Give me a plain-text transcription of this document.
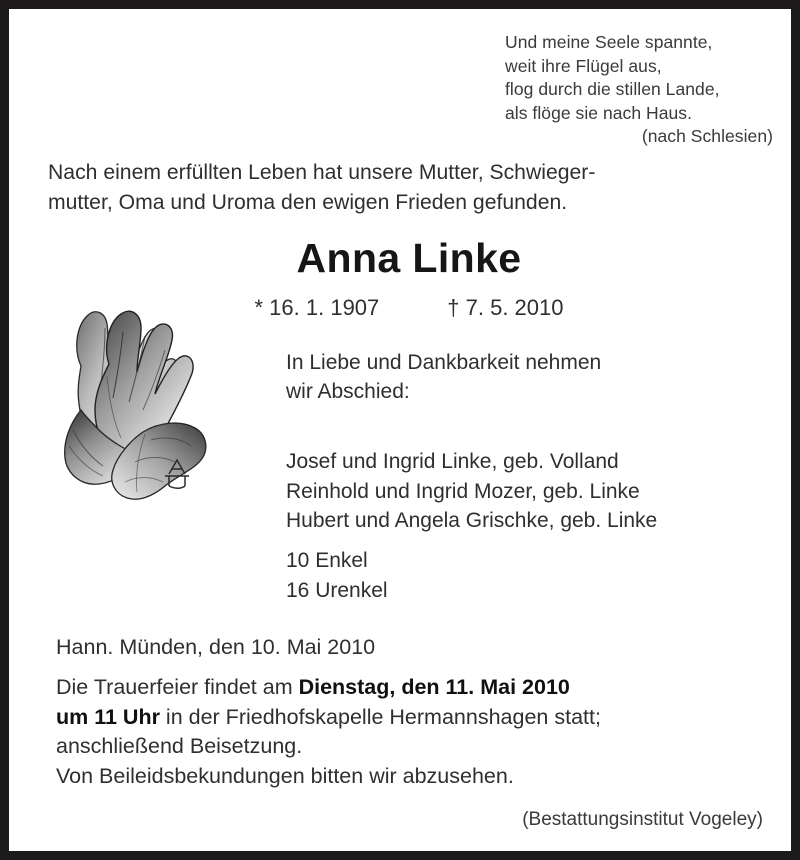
Und meine Seele spannte,
weit ihre Flügel aus,
flog durch die stillen Lande,
als flöge sie nach Haus.
(nach Schlesien)
Nach einem erfüllten Leben hat unsere Mutter, Schwieger-
mutter, Oma und Uroma den ewigen Frieden gefunden.
Anna Linke
* 16. 1. 1907	† 7. 5. 2010
In Liebe und Dankbarkeit nehmen
wir Abschied:
Josef und Ingrid Linke, geb. Volland
Reinhold und Ingrid Mozer, geb. Linke
Hubert und Angela Grischke, geb. Linke
10 Enkel
16 Urenkel
Hann. Münden, den 10. Mai 2010
Die Trauerfeier findet am Dienstag, den 11. Mai 2010
um 11 Uhr in der Friedhofskapelle Hermannshagen statt;
anschließend Beisetzung.
Von Beileidsbekundungen bitten wir abzusehen.
(Bestattungsinstitut Vogeley)
